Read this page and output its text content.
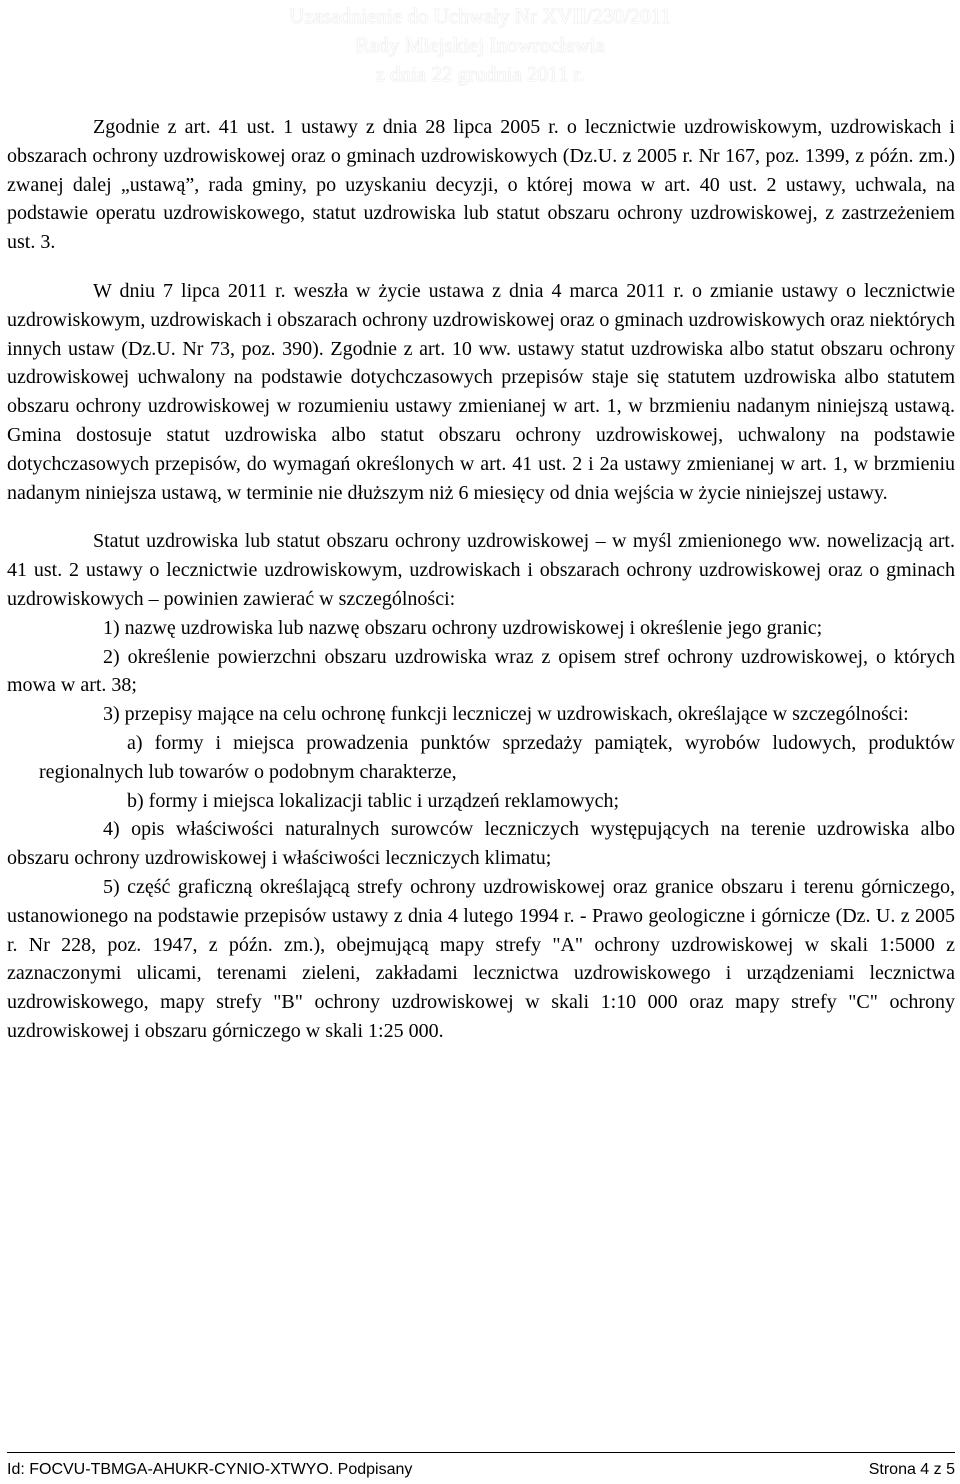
Uzasadnienie do Uchwały Nr XVII/230/2011
Rady Miejskiej Inowrocławia
z dnia 22 grudnia 2011 r.

Zgodnie z art. 41 ust. 1 ustawy z dnia 28 lipca 2005 r. o lecznictwie uzdrowiskowym, uzdrowiskach i obszarach ochrony uzdrowiskowej oraz o gminach uzdrowiskowych (Dz.U. z 2005 r. Nr 167, poz. 1399, z późn. zm.) zwanej dalej „ustawą”, rada gminy, po uzyskaniu decyzji, o której mowa w art. 40 ust. 2 ustawy, uchwala, na podstawie operatu uzdrowiskowego, statut uzdrowiska lub statut obszaru ochrony uzdrowiskowej, z zastrzeżeniem ust. 3.

W dniu 7 lipca 2011 r. weszła w życie ustawa z dnia 4 marca 2011 r. o zmianie ustawy o lecznictwie uzdrowiskowym, uzdrowiskach i obszarach ochrony uzdrowiskowej oraz o gminach uzdrowiskowych oraz niektórych innych ustaw (Dz.U. Nr 73, poz. 390). Zgodnie z art. 10 ww. ustawy statut uzdrowiska albo statut obszaru ochrony uzdrowiskowej uchwalony na podstawie dotychczasowych przepisów staje się statutem uzdrowiska albo statutem obszaru ochrony uzdrowiskowej w rozumieniu ustawy zmienianej w art. 1, w brzmieniu nadanym niniejszą ustawą. Gmina dostosuje statut uzdrowiska albo statut obszaru ochrony uzdrowiskowej, uchwalony na podstawie dotychczasowych przepisów, do wymagań określonych w art. 41 ust. 2 i 2a ustawy zmienianej w art. 1, w brzmieniu nadanym niniejsza ustawą, w terminie nie dłuższym niż 6 miesięcy od dnia wejścia w życie niniejszej ustawy.

Statut uzdrowiska lub statut obszaru ochrony uzdrowiskowej – w myśl zmienionego ww. nowelizacją art. 41 ust. 2 ustawy o lecznictwie uzdrowiskowym, uzdrowiskach i obszarach ochrony uzdrowiskowej oraz o gminach uzdrowiskowych – powinien zawierać w szczególności:

1) nazwę uzdrowiska lub nazwę obszaru ochrony uzdrowiskowej i określenie jego granic;

2) określenie powierzchni obszaru uzdrowiska wraz z opisem stref ochrony uzdrowiskowej, o których mowa w art. 38;

3) przepisy mające na celu ochronę funkcji leczniczej w uzdrowiskach, określające w szczególności:

a) formy i miejsca prowadzenia punktów sprzedaży pamiątek, wyrobów ludowych, produktów regionalnych lub towarów o podobnym charakterze,

b) formy i miejsca lokalizacji tablic i urządzeń reklamowych;

4) opis właściwości naturalnych surowców leczniczych występujących na terenie uzdrowiska albo obszaru ochrony uzdrowiskowej i właściwości leczniczych klimatu;

5) część graficzną określającą strefy ochrony uzdrowiskowej oraz granice obszaru i terenu górniczego, ustanowionego na podstawie przepisów ustawy z dnia 4 lutego 1994 r. - Prawo geologiczne i górnicze (Dz. U. z 2005 r. Nr 228, poz. 1947, z późn. zm.), obejmującą mapy strefy "A" ochrony uzdrowiskowej w skali 1:5000 z zaznaczonymi ulicami, terenami zieleni, zakładami lecznictwa uzdrowiskowego i urządzeniami lecznictwa uzdrowiskowego, mapy strefy "B" ochrony uzdrowiskowej w skali 1:10 000 oraz mapy strefy "C" ochrony uzdrowiskowej i obszaru górniczego w skali 1:25 000.

Id: FOCVU-TBMGA-AHUKR-CYNIO-XTWYO. Podpisany	Strona 4 z 5
